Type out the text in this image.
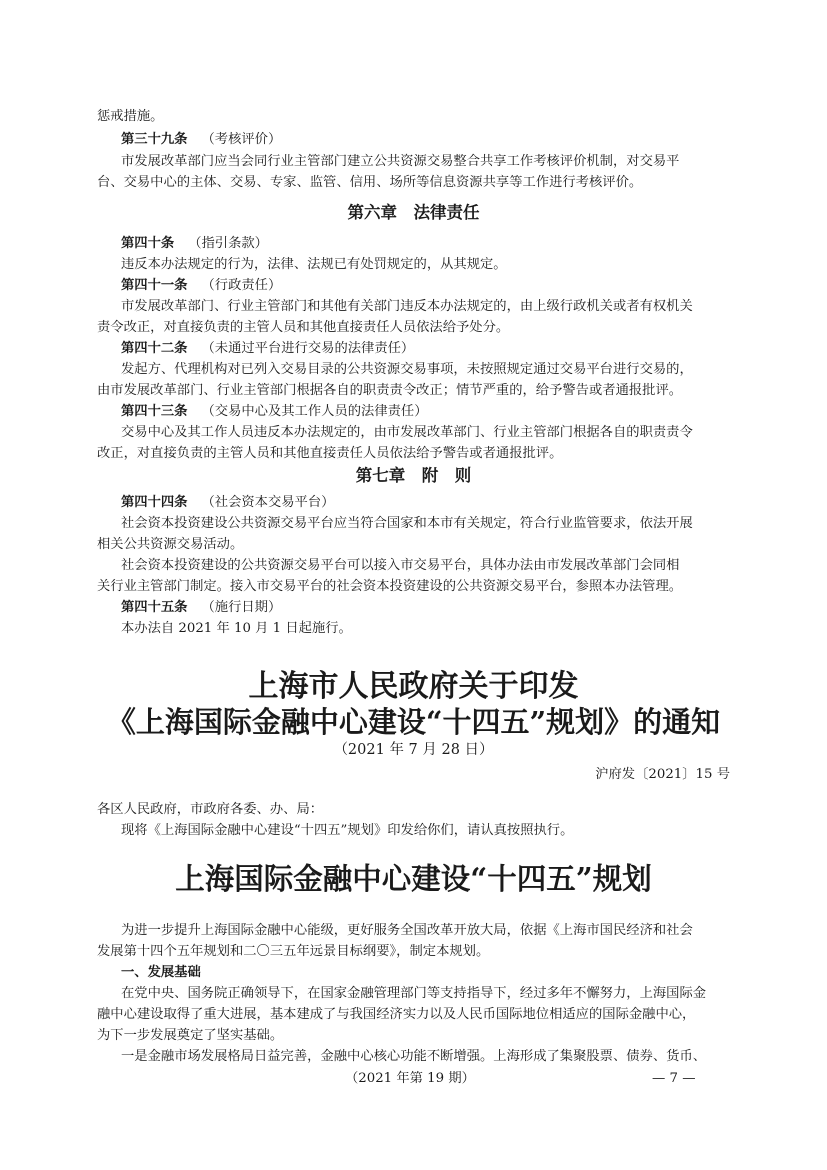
惩戒措施。
第三十九条 （考核评价）
市发展改革部门应当会同行业主管部门建立公共资源交易整合共享工作考核评价机制，对交易平
台、交易中心的主体、交易、专家、监管、信用、场所等信息资源共享等工作进行考核评价。
第六章　法律责任
第四十条 （指引条款）
违反本办法规定的行为，法律、法规已有处罚规定的，从其规定。
第四十一条 （行政责任）
市发展改革部门、行业主管部门和其他有关部门违反本办法规定的，由上级行政机关或者有权机关
责令改正，对直接负责的主管人员和其他直接责任人员依法给予处分。
第四十二条 （未通过平台进行交易的法律责任）
发起方、代理机构对已列入交易目录的公共资源交易事项，未按照规定通过交易平台进行交易的，
由市发展改革部门、行业主管部门根据各自的职责责令改正；情节严重的，给予警告或者通报批评。
第四十三条 （交易中心及其工作人员的法律责任）
交易中心及其工作人员违反本办法规定的，由市发展改革部门、行业主管部门根据各自的职责责令
改正，对直接负责的主管人员和其他直接责任人员依法给予警告或者通报批评。
第七章　附　则
第四十四条 （社会资本交易平台）
社会资本投资建设公共资源交易平台应当符合国家和本市有关规定，符合行业监管要求，依法开展
相关公共资源交易活动。
社会资本投资建设的公共资源交易平台可以接入市交易平台，具体办法由市发展改革部门会同相
关行业主管部门制定。接入市交易平台的社会资本投资建设的公共资源交易平台，参照本办法管理。
第四十五条 （施行日期）
本办法自 2021 年 10 月 1 日起施行。
上海市人民政府关于印发
《上海国际金融中心建设“十四五”规划》的通知
（2021 年 7 月 28 日）
沪府发〔2021〕15 号
各区人民政府，市政府各委、办、局：
现将《上海国际金融中心建设“十四五”规划》印发给你们，请认真按照执行。
上海国际金融中心建设“十四五”规划
为进一步提升上海国际金融中心能级，更好服务全国改革开放大局，依据《上海市国民经济和社会
发展第十四个五年规划和二〇三五年远景目标纲要》，制定本规划。
一、发展基础
在党中央、国务院正确领导下，在国家金融管理部门等支持指导下，经过多年不懈努力，上海国际金
融中心建设取得了重大进展，基本建成了与我国经济实力以及人民币国际地位相适应的国际金融中心，
为下一步发展奠定了坚实基础。
一是金融市场发展格局日益完善，金融中心核心功能不断增强。上海形成了集聚股票、债券、货币、
（2021 年第 19 期）	— 7 —
